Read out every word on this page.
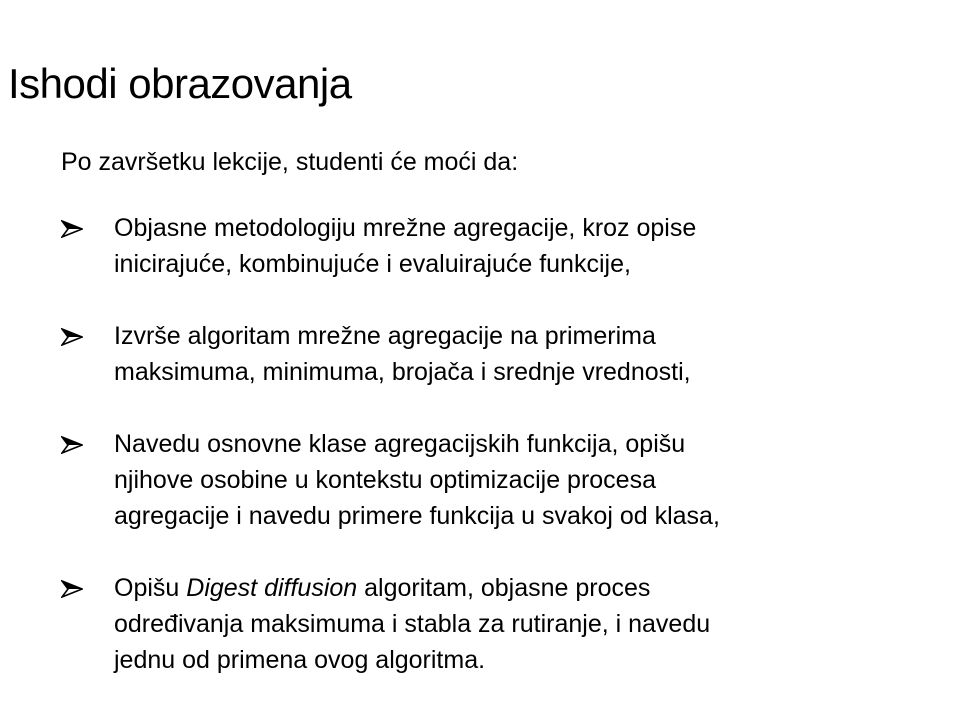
Ishodi obrazovanja

Po završetku lekcije, studenti će moći da:

Objasne metodologiju mrežne agregacije, kroz opise
inicirajuće, kombinujuće i evaluirajuće funkcije,
Izvrše algoritam mrežne agregacije na primerima
maksimuma, minimuma, brojača i srednje vrednosti,
Navedu osnovne klase agregacijskih funkcija, opišu
njihove osobine u kontekstu optimizacije procesa
agregacije i navedu primere funkcija u svakoj od klasa,
Opišu Digest diffusion algoritam, objasne proces
određivanja maksimuma i stabla za rutiranje, i navedu
jednu od primena ovog algoritma.
